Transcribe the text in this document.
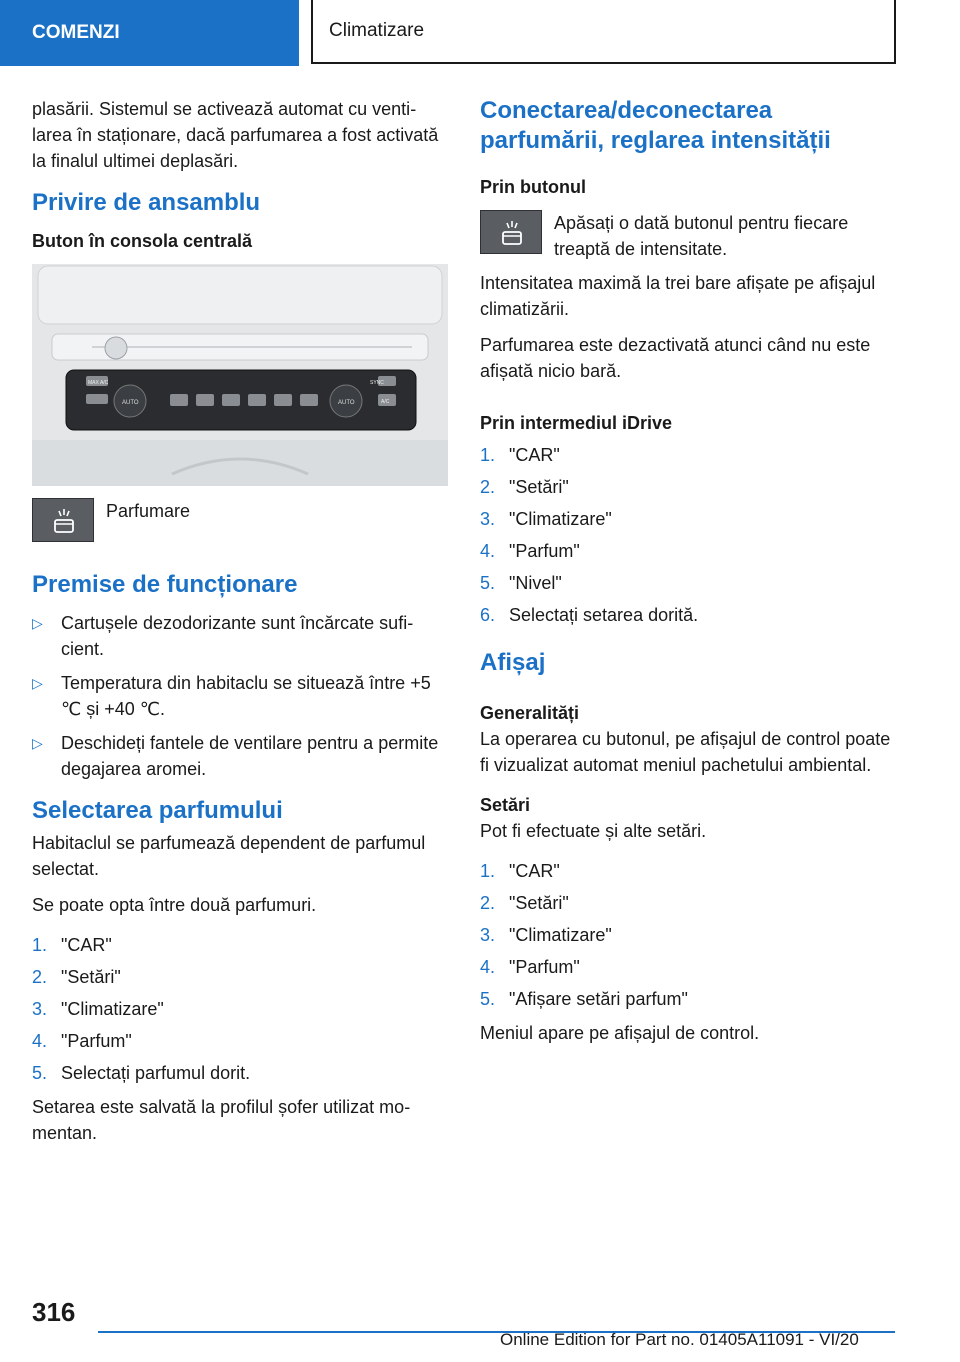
COMENZI	Climatizare

plasării. Sistemul se activează automat cu ventilarea în staționare, dacă parfumarea a fost activată la finalul ultimei deplasări.

Privire de ansamblu
Buton în consola centrală
MAX A/C
AUTO	AUTO
SYNC
A/C

Parfumare

Premise de funcționare
▷ Cartușele dezodorizante sunt încărcate suficient.
▷ Temperatura din habitaclu se situează între +5 ℃ și +40 ℃.
▷ Deschideți fantele de ventilare pentru a permite degajarea aromei.
Selectarea parfumului

Habitaclul se parfumează dependent de parfumul selectat.

Se poate opta între două parfumuri.

1. "CAR"
2. "Setări"
3. "Climatizare"
4. "Parfum"
5. Selectați parfumul dorit.

Setarea este salvată la profilul șofer utilizat momentan.

Conectarea/deconectarea parfumării, reglarea intensității
Prin butonul

Apăsați o dată butonul pentru fiecare treaptă de intensitate.

Intensitatea maximă la trei bare afișate pe afișajul climatizării.

Parfumarea este dezactivată atunci când nu este afișată nicio bară.

Prin intermediul iDrive
1. "CAR"
2. "Setări"
3. "Climatizare"
4. "Parfum"
5. "Nivel"
6. Selectați setarea dorită.
Afișaj
Generalități

La operarea cu butonul, pe afișajul de control poate fi vizualizat automat meniul pachetului ambiental.

Setări

Pot fi efectuate și alte setări.

1. "CAR"
2. "Setări"
3. "Climatizare"
4. "Parfum"
5. "Afișare setări parfum"

Meniul apare pe afișajul de control.

316
Online Edition for Part no. 01405A11091 - VI/20
